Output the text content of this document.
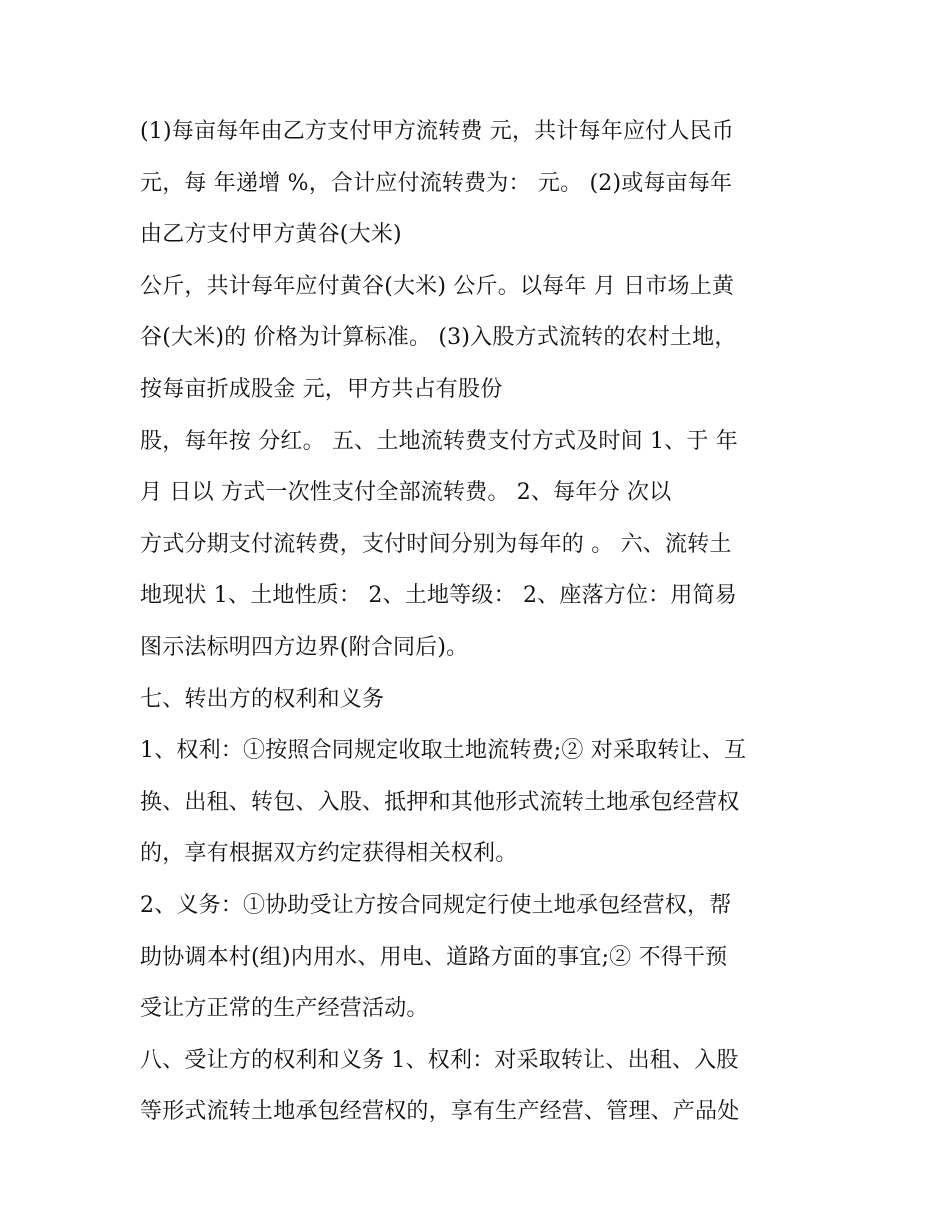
(1)每亩每年由乙方支付甲方流转费 元，共计每年应付人民币
元，每 年递增 %，合计应付流转费为： 元。 (2)或每亩每年
由乙方支付甲方黄谷(大米)
公斤，共计每年应付黄谷(大米) 公斤。以每年 月 日市场上黄
谷(大米)的 价格为计算标准。 (3)入股方式流转的农村土地，
按每亩折成股金 元，甲方共占有股份
股，每年按 分红。 五、土地流转费支付方式及时间 1、于 年
月 日以 方式一次性支付全部流转费。 2、每年分 次以
方式分期支付流转费，支付时间分别为每年的 。 六、流转土
地现状 1、土地性质： 2、土地等级： 2、座落方位：用简易
图示法标明四方边界(附合同后)。
七、转出方的权利和义务
1、权利：①按照合同规定收取土地流转费;② 对采取转让、互
换、出租、转包、入股、抵押和其他形式流转土地承包经营权
的，享有根据双方约定获得相关权利。
2、义务：①协助受让方按合同规定行使土地承包经营权，帮
助协调本村(组)内用水、用电、道路方面的事宜;② 不得干预
受让方正常的生产经营活动。
八、受让方的权利和义务 1、权利：对采取转让、出租、入股
等形式流转土地承包经营权的，享有生产经营、管理、产品处
